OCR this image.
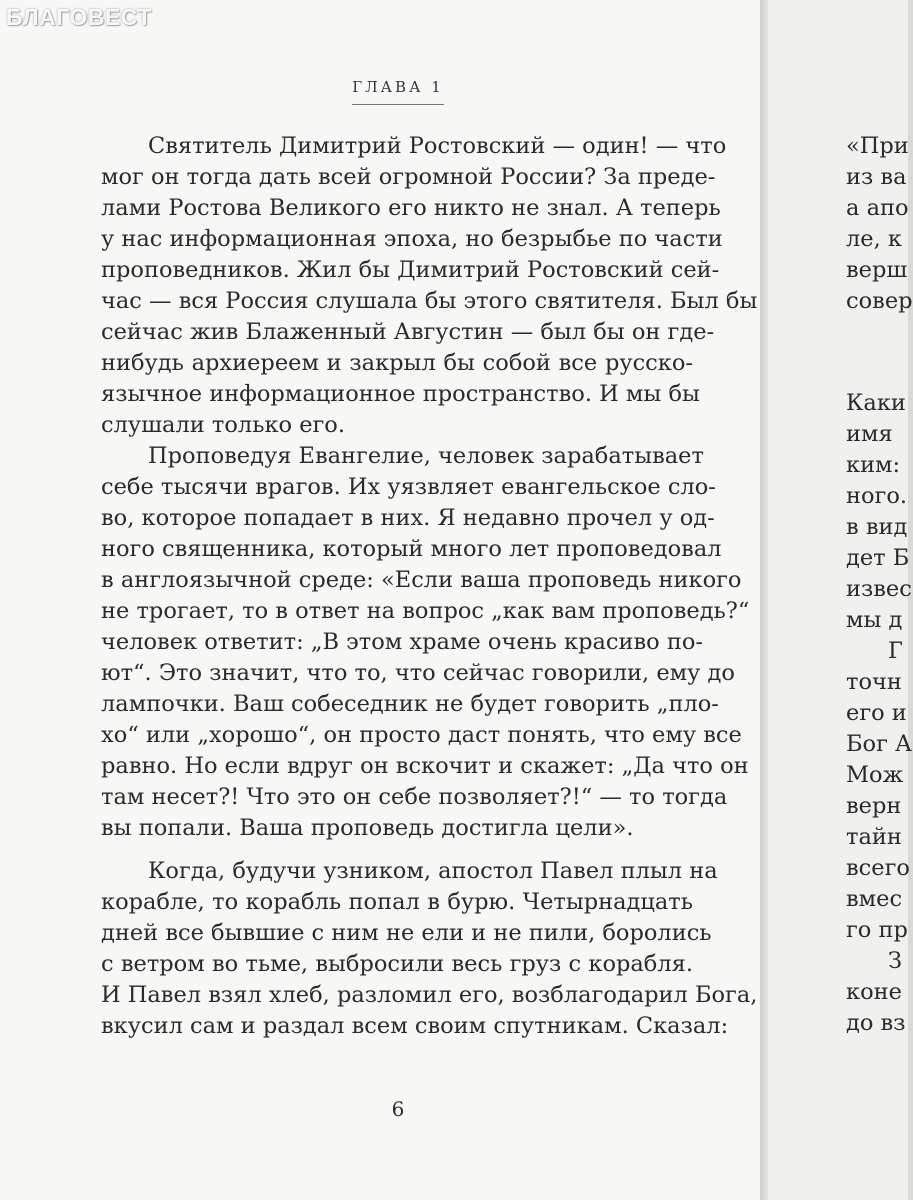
ГЛАВА 1
Святитель Димитрий Ростовский — один! — что
мог он тогда дать всей огромной России? За преде-
лами Ростова Великого его никто не знал. А теперь
у нас информационная эпоха, но безрыбье по части
проповедников. Жил бы Димитрий Ростовский сей-
час — вся Россия слушала бы этого святителя. Был бы
сейчас жив Блаженный Августин — был бы он где-
нибудь архиереем и закрыл бы собой все русско-
язычное информационное пространство. И мы бы
слушали только его.
Проповедуя Евангелие, человек зарабатывает
себе тысячи врагов. Их уязвляет евангельское сло-
во, которое попадает в них. Я недавно прочел у од-
ного священника, который много лет проповедовал
в англоязычной среде: «Если ваша проповедь никого
не трогает, то в ответ на вопрос „как вам проповедь?“
человек ответит: „В этом храме очень красиво по-
ют“. Это значит, что то, что сейчас говорили, ему до
лампочки. Ваш собеседник не будет говорить „пло-
хо“ или „хорошо“, он просто даст понять, что ему все
равно. Но если вдруг он вскочит и скажет: „Да что он
там несет?! Что это он себе позволяет?!“ — то тогда
вы попали. Ваша проповедь достигла цели».
Когда, будучи узником, апостол Павел плыл на
корабле, то корабль попал в бурю. Четырнадцать
дней все бывшие с ним не ели и не пили, боролись
с ветром во тьме, выбросили весь груз с корабля.
И Павел взял хлеб, разломил его, возблагодарил Бога,
вкусил сам и раздал всем своим спутникам. Сказал:
6
«При
из ва
а апо
ле, к
верш
совер
Каки
имя
ким:
ного.
в вид
дет Б
извес
мы д
Г
точн
его и
Бог А
Мож
верн
тайн
всего
вмес
го пр
З
коне
до вз
БЛАГОВЕСТ
